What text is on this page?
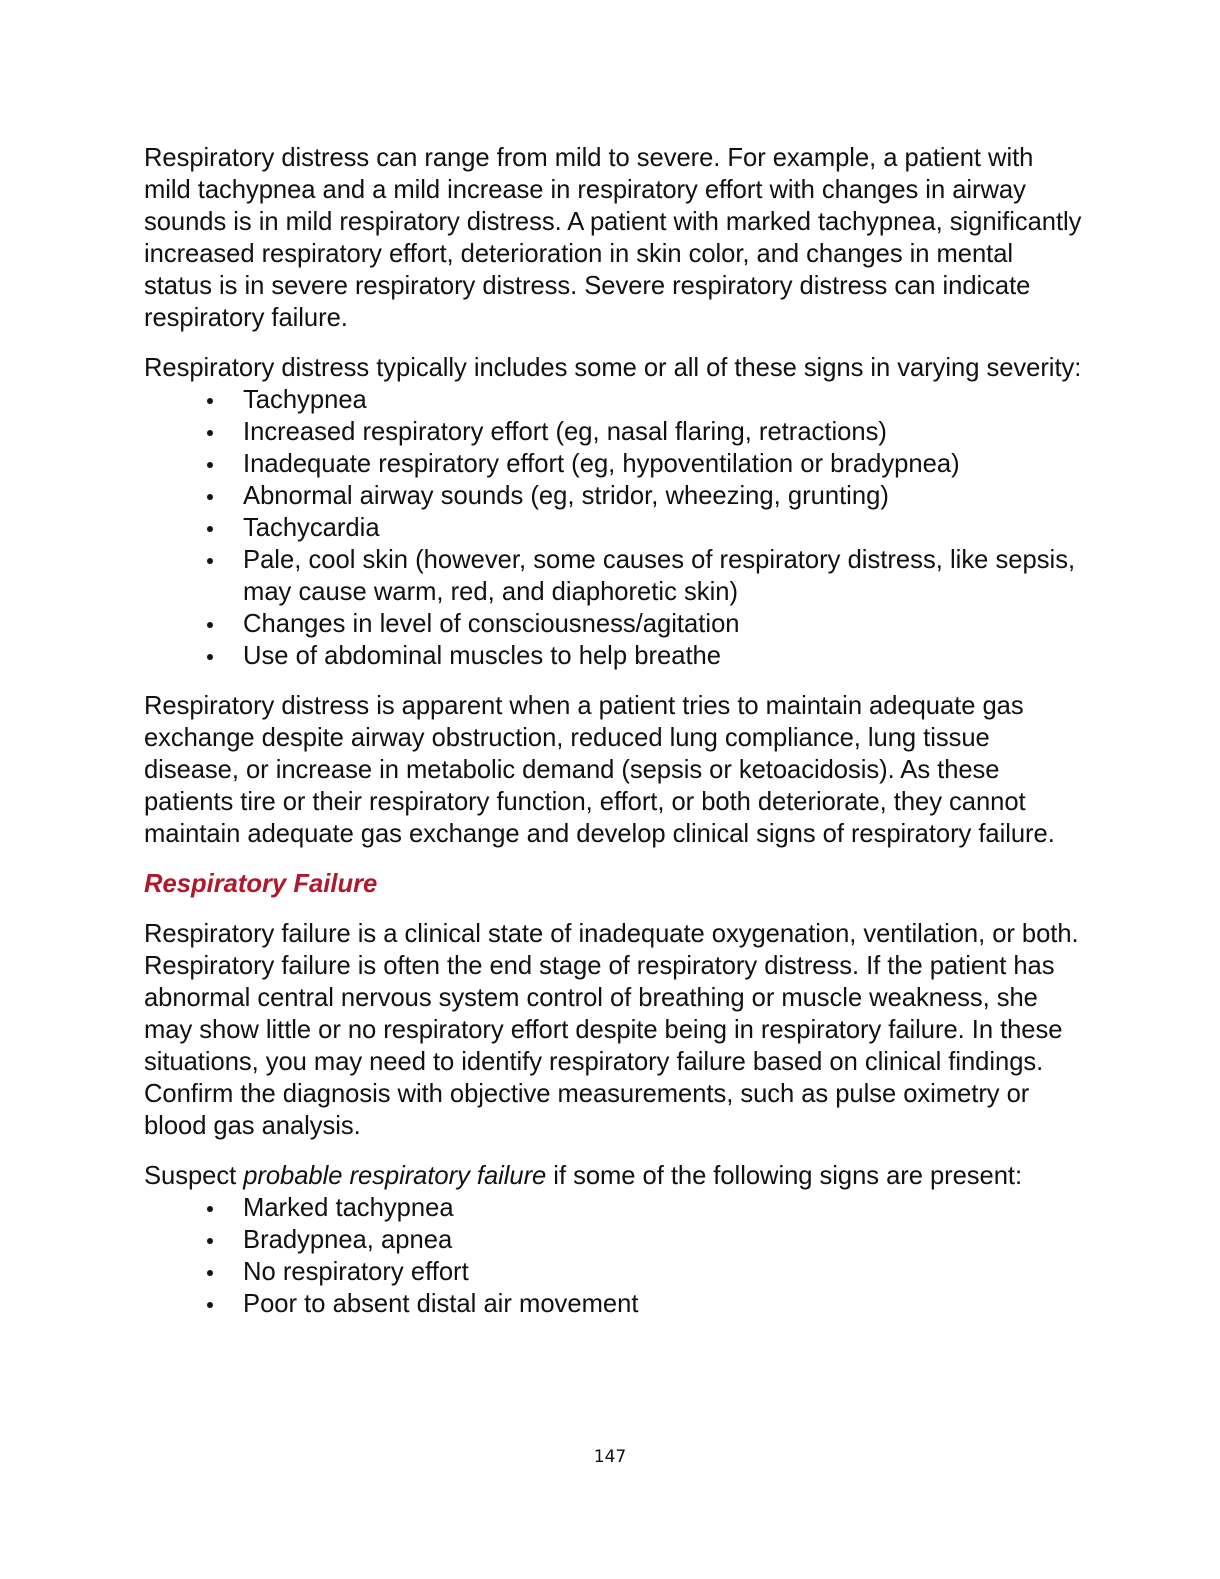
Respiratory distress can range from mild to severe. For example, a patient with mild tachypnea and a mild increase in respiratory effort with changes in airway sounds is in mild respiratory distress. A patient with marked tachypnea, significantly increased respiratory effort, deterioration in skin color, and changes in mental status is in severe respiratory distress. Severe respiratory distress can indicate respiratory failure.

Respiratory distress typically includes some or all of these signs in varying severity:

Tachypnea
Increased respiratory effort (eg, nasal flaring, retractions)
Inadequate respiratory effort (eg, hypoventilation or bradypnea)
Abnormal airway sounds (eg, stridor, wheezing, grunting)
Tachycardia
Pale, cool skin (however, some causes of respiratory distress, like sepsis, may cause warm, red, and diaphoretic skin)
Changes in level of consciousness/agitation
Use of abdominal muscles to help breathe

Respiratory distress is apparent when a patient tries to maintain adequate gas exchange despite airway obstruction, reduced lung compliance, lung tissue disease, or increase in metabolic demand (sepsis or ketoacidosis). As these patients tire or their respiratory function, effort, or both deteriorate, they cannot maintain adequate gas exchange and develop clinical signs of respiratory failure.

Respiratory Failure

Respiratory failure is a clinical state of inadequate oxygenation, ventilation, or both. Respiratory failure is often the end stage of respiratory distress. If the patient has abnormal central nervous system control of breathing or muscle weakness, she may show little or no respiratory effort despite being in respiratory failure. In these situations, you may need to identify respiratory failure based on clinical findings. Confirm the diagnosis with objective measurements, such as pulse oximetry or blood gas analysis.

Suspect probable respiratory failure if some of the following signs are present:

Marked tachypnea
Bradypnea, apnea
No respiratory effort
Poor to absent distal air movement
147
